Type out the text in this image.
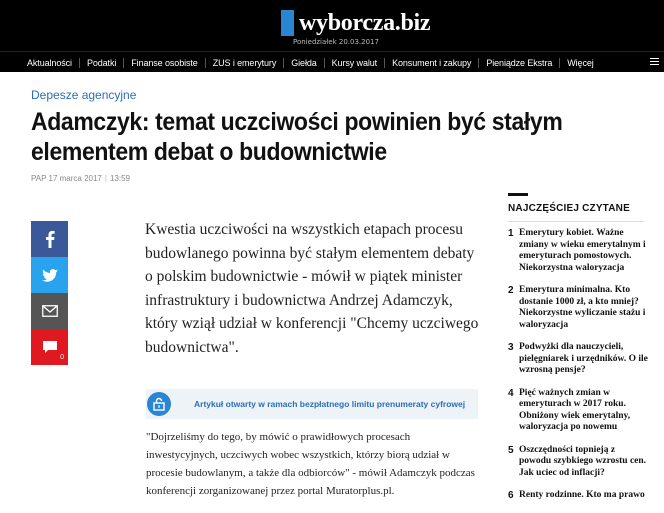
wyborcza.biz
Poniedziałek 20.03.2017
Aktualności Podatki Finanse osobiste ZUS i emerytury Giełda Kursy walut Konsument i zakupy Pieniądze Ekstra Więcej
Depesze agencyjne
Adamczyk: temat uczciwości powinien być stałym elementem debat o budownictwie
PAP 17 marca 2017 | 13:59
0

Kwestia uczciwości na wszystkich etapach procesu budowlanego powinna być stałym elementem debaty o polskim budownictwie - mówił w piątek minister infrastruktury i budownictwa Andrzej Adamczyk, który wziął udział w konferencji "Chcemy uczciwego budownictwa".

Artykuł otwarty w ramach bezpłatnego limitu prenumeraty cyfrowej

"Dojrzeliśmy do tego, by mówić o prawidłowych procesach inwestycyjnych, uczciwych wobec wszystkich, którzy biorą udział w procesie budowlanym, a także dla odbiorców" - mówił Adamczyk podczas konferencji zorganizowanej przez portal Muratorplus.pl.

NAJCZĘŚCIEJ CZYTANE
1 Emerytury kobiet. Ważne zmiany w wieku emerytalnym i emeryturach pomostowych. Niekorzystna waloryzacja
2 Emerytura minimalna. Kto dostanie 1000 zł, a kto mniej? Niekorzystne wyliczanie stażu i waloryzacja
3 Podwyżki dla nauczycieli, pielęgniarek i urzędników. O ile wzrosną pensje?
4 Pięć ważnych zmian w emeryturach w 2017 roku. Obniżony wiek emerytalny, waloryzacja po nowemu
5 Oszczędności topnieją z powodu szybkiego wzrostu cen. Jak uciec od inflacji?
6 Renty rodzinne. Kto ma prawo
